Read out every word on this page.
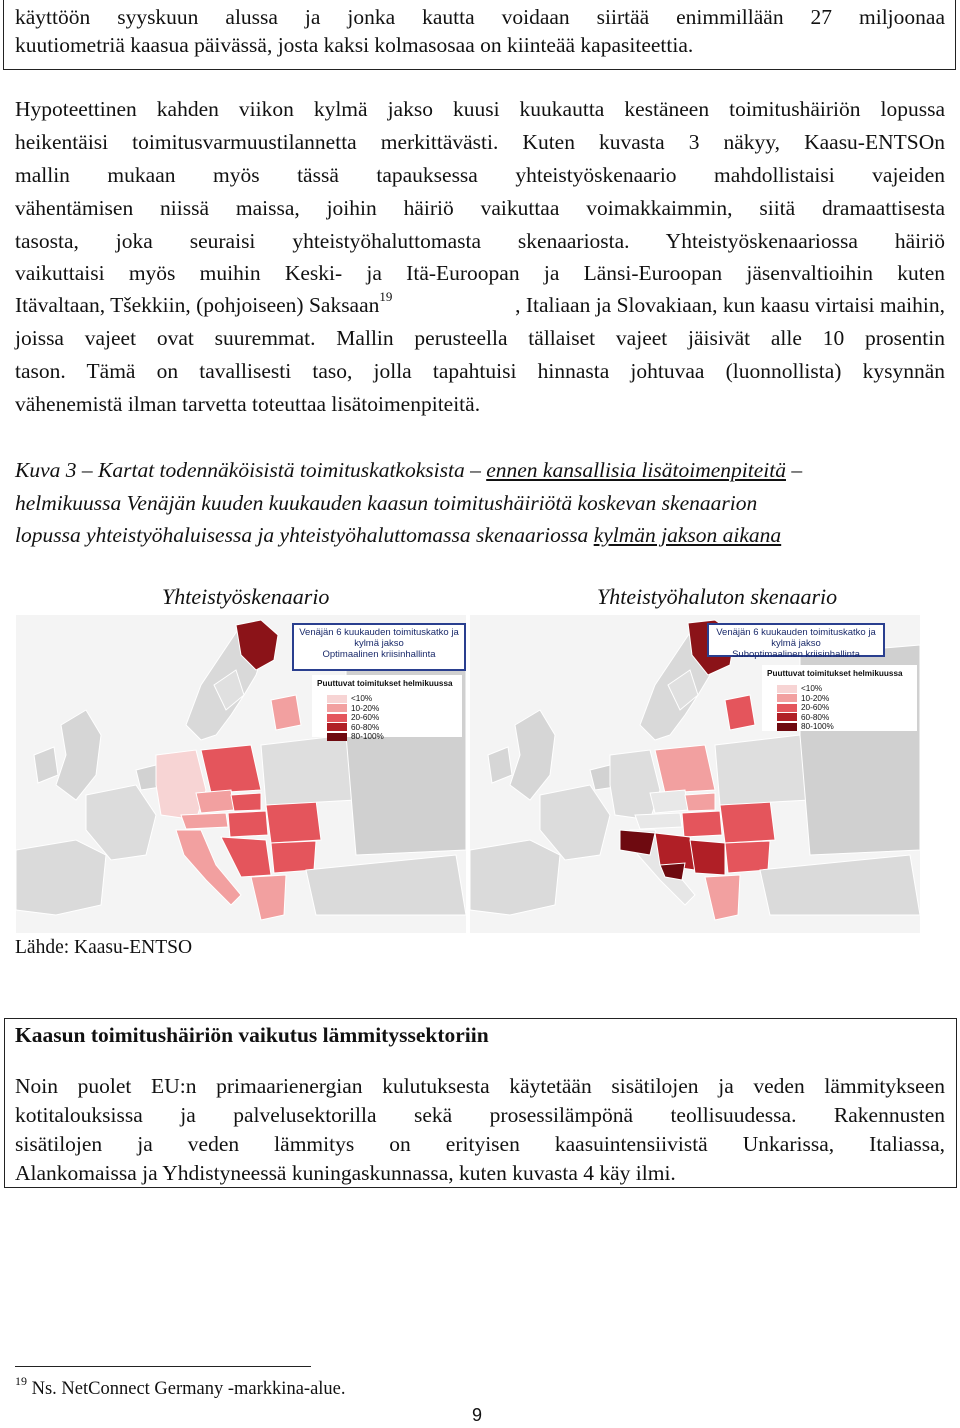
käyttöön syyskuun alussa ja jonka kautta voidaan siirtää enimmillään 27 miljoonaa
kuutiometriä kaasua päivässä, josta kaksi kolmasosaa on kiinteää kapasiteettia.
Hypoteettinen kahden viikon kylmä jakso kuusi kuukautta kestäneen toimitushäiriön lopussa
heikentäisi toimitusvarmuustilannetta merkittävästi. Kuten kuvasta 3 näkyy, Kaasu-ENTSOn
mallin mukaan myös tässä tapauksessa yhteistyöskenaario mahdollistaisi vajeiden
vähentämisen niissä maissa, joihin häiriö vaikuttaa voimakkaimmin, siitä dramaattisesta
tasosta, joka seuraisi yhteistyöhaluttomasta skenaariosta. Yhteistyöskenaariossa häiriö
vaikuttaisi myös muihin Keski- ja Itä-Euroopan ja Länsi-Euroopan jäsenvaltioihin kuten
Itävaltaan, Tšekkiin, (pohjoiseen) Saksaan$^{19}$	, Italiaan ja Slovakiaan, kun kaasu virtaisi maihin,
joissa vajeet ovat suuremmat. Mallin perusteella tällaiset vajeet jäisivät alle 10 prosentin
tason. Tämä on tavallisesti taso, jolla tapahtuisi hinnasta johtuvaa (luonnollista) kysynnän
vähenemistä ilman tarvetta toteuttaa lisätoimenpiteitä.
Kuva 3 – Kartat todennäköisistä toimituskatkoksista – ennen kansallisia lisätoimenpiteitä –
helmikuussa Venäjän kuuden kuukauden kaasun toimitushäiriötä koskevan skenaarion
lopussa yhteistyöhaluisessa ja yhteistyöhaluttomassa skenaariossa kylmän jakson aikana
Yhteistyöskenaario	Yhteistyöhaluton skenaario
Venäjän 6 kuukauden toimituskatko ja
kylmä jakso
Optimaalinen kriisinhallinta
Puuttuvat toimitukset helmikuussa
<10%
10-20%
20-60%
60-80%
80-100%
Venäjän 6 kuukauden toimituskatko ja
kylmä jakso
Suboptimaalinen kriisinhallinta
Puuttuvat toimitukset helmikuussa
<10%
10-20%
20-60%
60-80%
80-100%
Lähde: Kaasu-ENTSO
Kaasun toimitushäiriön vaikutus lämmityssektoriin
Noin puolet EU:n primaarienergian kulutuksesta käytetään sisätilojen ja veden lämmitykseen
kotitalouksissa ja palvelusektorilla sekä prosessilämpönä teollisuudessa. Rakennusten
sisätilojen ja veden lämmitys on erityisen kaasuintensiivistä Unkarissa, Italiassa,
Alankomaissa ja Yhdistyneessä kuningaskunnassa, kuten kuvasta 4 käy ilmi.
$^{19}$ Ns. NetConnect Germany -markkina-alue.
9
